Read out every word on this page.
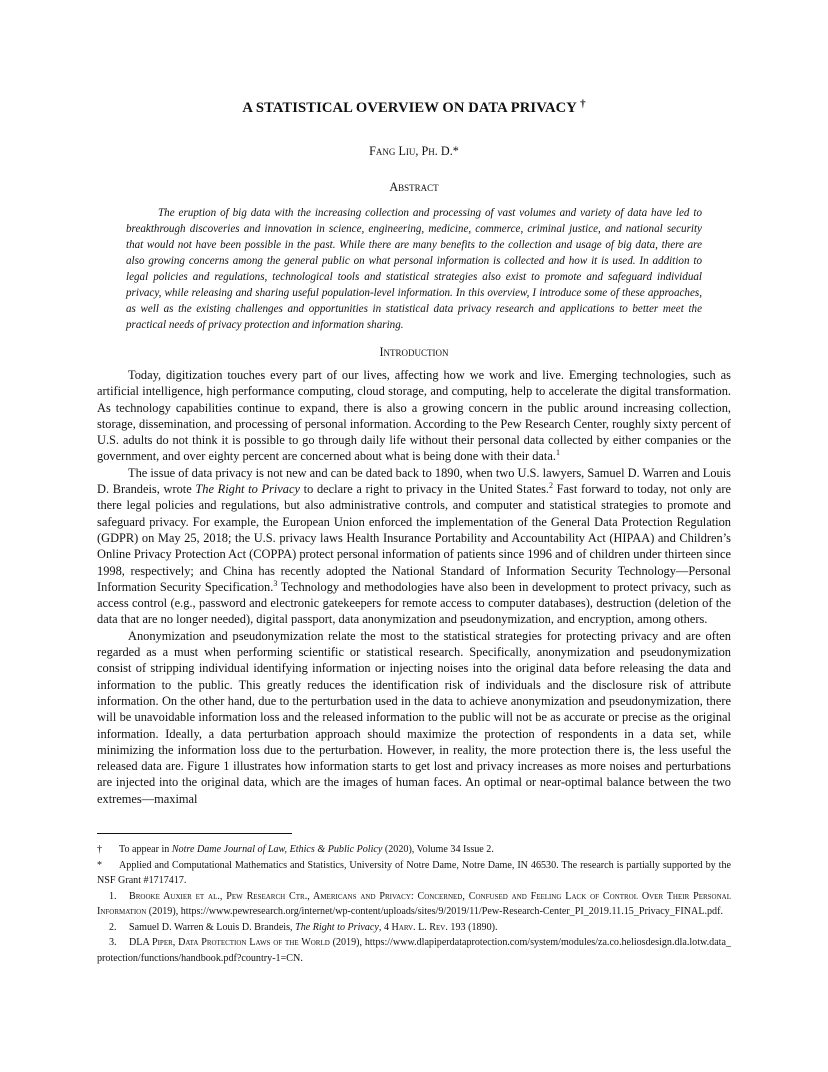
A STATISTICAL OVERVIEW ON DATA PRIVACY †
Fang Liu, Ph. D.*
Abstract
The eruption of big data with the increasing collection and processing of vast volumes and variety of data have led to breakthrough discoveries and innovation in science, engineering, medicine, commerce, criminal justice, and national security that would not have been possible in the past. While there are many benefits to the collection and usage of big data, there are also growing concerns among the general public on what personal information is collected and how it is used. In addition to legal policies and regulations, technological tools and statistical strategies also exist to promote and safeguard individual privacy, while releasing and sharing useful population-level information. In this overview, I introduce some of these approaches, as well as the existing challenges and opportunities in statistical data privacy research and applications to better meet the practical needs of privacy protection and information sharing.
Introduction

Today, digitization touches every part of our lives, affecting how we work and live. Emerging technologies, such as artificial intelligence, high performance computing, cloud storage, and computing, help to accelerate the digital transformation. As technology capabilities continue to expand, there is also a growing concern in the public around increasing collection, storage, dissemination, and processing of personal information. According to the Pew Research Center, roughly sixty percent of U.S. adults do not think it is possible to go through daily life without their personal data collected by either companies or the government, and over eighty percent are concerned about what is being done with their data.$^1$

The issue of data privacy is not new and can be dated back to 1890, when two U.S. lawyers, Samuel D. Warren and Louis D. Brandeis, wrote The Right to Privacy to declare a right to privacy in the United States.$^2$ Fast forward to today, not only are there legal policies and regulations, but also administrative controls, and computer and statistical strategies to promote and safeguard privacy. For example, the European Union enforced the implementation of the General Data Protection Regulation (GDPR) on May 25, 2018; the U.S. privacy laws Health Insurance Portability and Accountability Act (HIPAA) and Children’s Online Privacy Protection Act (COPPA) protect personal information of patients since 1996 and of children under thirteen since 1998, respectively; and China has recently adopted the National Standard of Information Security Technology—Personal Information Security Specification.$^3$ Technology and methodologies have also been in development to protect privacy, such as access control (e.g., password and electronic gatekeepers for remote access to computer databases), destruction (deletion of the data that are no longer needed), digital passport, data anonymization and pseudonymization, and encryption, among others.

Anonymization and pseudonymization relate the most to the statistical strategies for protecting privacy and are often regarded as a must when performing scientific or statistical research. Specifically, anonymization and pseudonymization consist of stripping individual identifying information or injecting noises into the original data before releasing the data and information to the public. This greatly reduces the identification risk of individuals and the disclosure risk of attribute information. On the other hand, due to the perturbation used in the data to achieve anonymization and pseudonymization, there will be unavoidable information loss and the released information to the public will not be as accurate or precise as the original information. Ideally, a data perturbation approach should maximize the protection of respondents in a data set, while minimizing the information loss due to the perturbation. However, in reality, the more protection there is, the less useful the released data are. Figure 1 illustrates how information starts to get lost and privacy increases as more noises and perturbations are injected into the original data, which are the images of human faces. An optimal or near-optimal balance between the two extremes—maximal

† To appear in Notre Dame Journal of Law, Ethics & Public Policy (2020), Volume 34 Issue 2.

* Applied and Computational Mathematics and Statistics, University of Notre Dame, Notre Dame, IN 46530. The research is partially supported by the NSF Grant #1717417.

1. Brooke Auxier et al., Pew Research Ctr., Americans and Privacy: Concerned, Confused and Feeling Lack of Control Over Their Personal Information (2019), https://www.pewresearch.org/internet/wp-content/uploads/sites/9/2019/11/Pew-Research-Center_PI_2019.11.15_Privacy_FINAL.pdf.

2. Samuel D. Warren & Louis D. Brandeis, The Right to Privacy, 4 Harv. L. Rev. 193 (1890).

3. DLA Piper, Data Protection Laws of the World (2019), https://www.dlapiperdataprotection.com/system/modules/za.co.heliosdesign.dla.lotw.data_protection/functions/handbook.pdf?country-1=CN.
